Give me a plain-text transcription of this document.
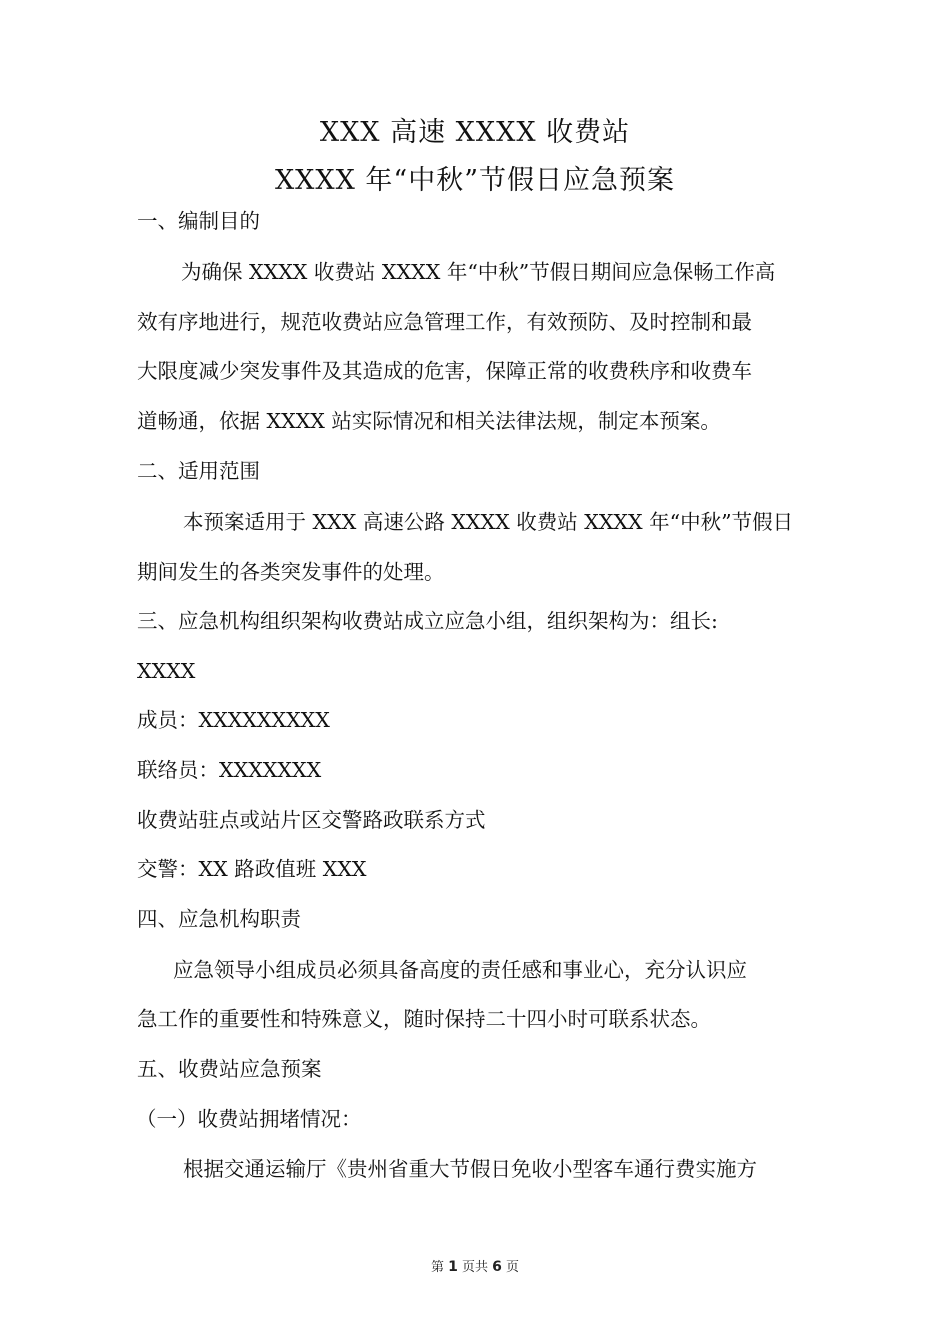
XXX 高速 XXXX 收费站
XXXX 年“中秋”节假日应急预案
一、编制目的
为确保 XXXX 收费站 XXXX 年“中秋”节假日期间应急保畅工作高
效有序地进行，规范收费站应急管理工作，有效预防、及时控制和最
大限度减少突发事件及其造成的危害，保障正常的收费秩序和收费车
道畅通，依据 XXXX 站实际情况和相关法律法规，制定本预案。
二、适用范围
本预案适用于 XXX 高速公路 XXXX 收费站 XXXX 年“中秋”节假日
期间发生的各类突发事件的处理。
三、应急机构组织架构收费站成立应急小组，组织架构为：组长:
XXXX
成员：XXXXXXXXX
联络员：XXXXXXX
收费站驻点或站片区交警路政联系方式
交警：XX 路政值班 XXX
四、应急机构职责
应急领导小组成员必须具备高度的责任感和事业心，充分认识应
急工作的重要性和特殊意义，随时保持二十四小时可联系状态。
五、收费站应急预案
（一）收费站拥堵情况：
根据交通运输厅《贵州省重大节假日免收小型客车通行费实施方
第 1 页共 6 页
